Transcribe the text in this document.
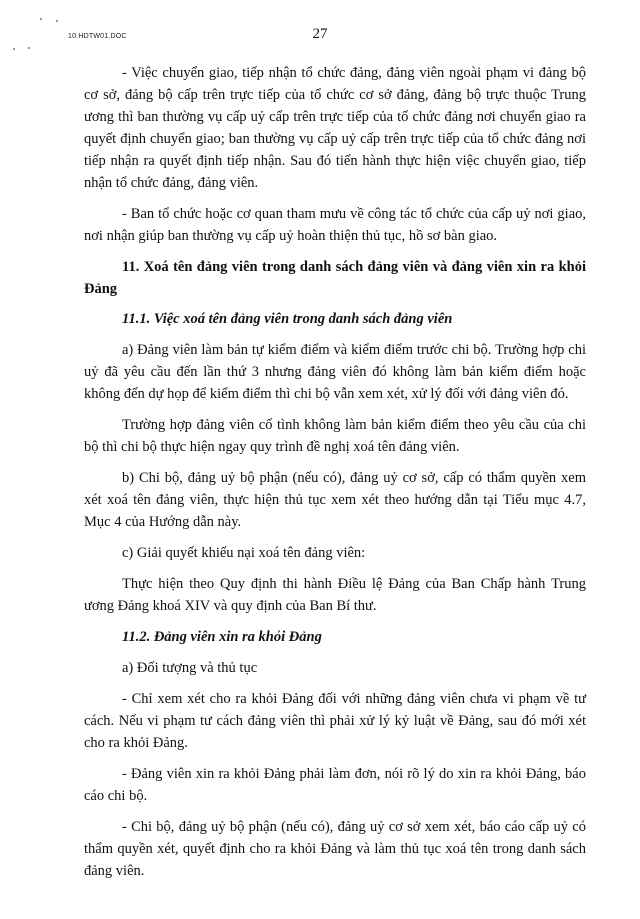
10.HDTW01.DOC	27

- Việc chuyển giao, tiếp nhận tổ chức đảng, đảng viên ngoài phạm vi đảng bộ cơ sở, đảng bộ cấp trên trực tiếp của tổ chức cơ sở đảng, đảng bộ trực thuộc Trung ương thì ban thường vụ cấp uỷ cấp trên trực tiếp của tổ chức đảng nơi chuyển giao ra quyết định chuyển giao; ban thường vụ cấp uỷ cấp trên trực tiếp của tổ chức đảng nơi tiếp nhận ra quyết định tiếp nhận. Sau đó tiến hành thực hiện việc chuyển giao, tiếp nhận tổ chức đảng, đảng viên.

- Ban tổ chức hoặc cơ quan tham mưu về công tác tổ chức của cấp uỷ nơi giao, nơi nhận giúp ban thường vụ cấp uỷ hoàn thiện thủ tục, hồ sơ bàn giao.

11. Xoá tên đảng viên trong danh sách đảng viên và đảng viên xin ra khỏi Đảng

11.1. Việc xoá tên đảng viên trong danh sách đảng viên

a) Đảng viên làm bản tự kiểm điểm và kiểm điểm trước chi bộ. Trường hợp chi uỷ đã yêu cầu đến lần thứ 3 nhưng đảng viên đó không làm bản kiểm điểm hoặc không đến dự họp để kiểm điểm thì chi bộ vẫn xem xét, xử lý đối với đảng viên đó.

Trường hợp đảng viên cố tình không làm bản kiểm điểm theo yêu cầu của chi bộ thì chi bộ thực hiện ngay quy trình đề nghị xoá tên đảng viên.

b) Chi bộ, đảng uỷ bộ phận (nếu có), đảng uỷ cơ sở, cấp có thẩm quyền xem xét xoá tên đảng viên, thực hiện thủ tục xem xét theo hướng dẫn tại Tiểu mục 4.7, Mục 4 của Hướng dẫn này.

c) Giải quyết khiếu nại xoá tên đảng viên:

Thực hiện theo Quy định thi hành Điều lệ Đảng của Ban Chấp hành Trung ương Đảng khoá XIV và quy định của Ban Bí thư.

11.2. Đảng viên xin ra khỏi Đảng

a) Đối tượng và thủ tục

- Chỉ xem xét cho ra khỏi Đảng đối với những đảng viên chưa vi phạm về tư cách. Nếu vi phạm tư cách đảng viên thì phải xử lý kỷ luật về Đảng, sau đó mới xét cho ra khỏi Đảng.

- Đảng viên xin ra khỏi Đảng phải làm đơn, nói rõ lý do xin ra khỏi Đảng, báo cáo chi bộ.

- Chi bộ, đảng uỷ bộ phận (nếu có), đảng uỷ cơ sở xem xét, báo cáo cấp uỷ có thẩm quyền xét, quyết định cho ra khỏi Đảng và làm thủ tục xoá tên trong danh sách đảng viên.
